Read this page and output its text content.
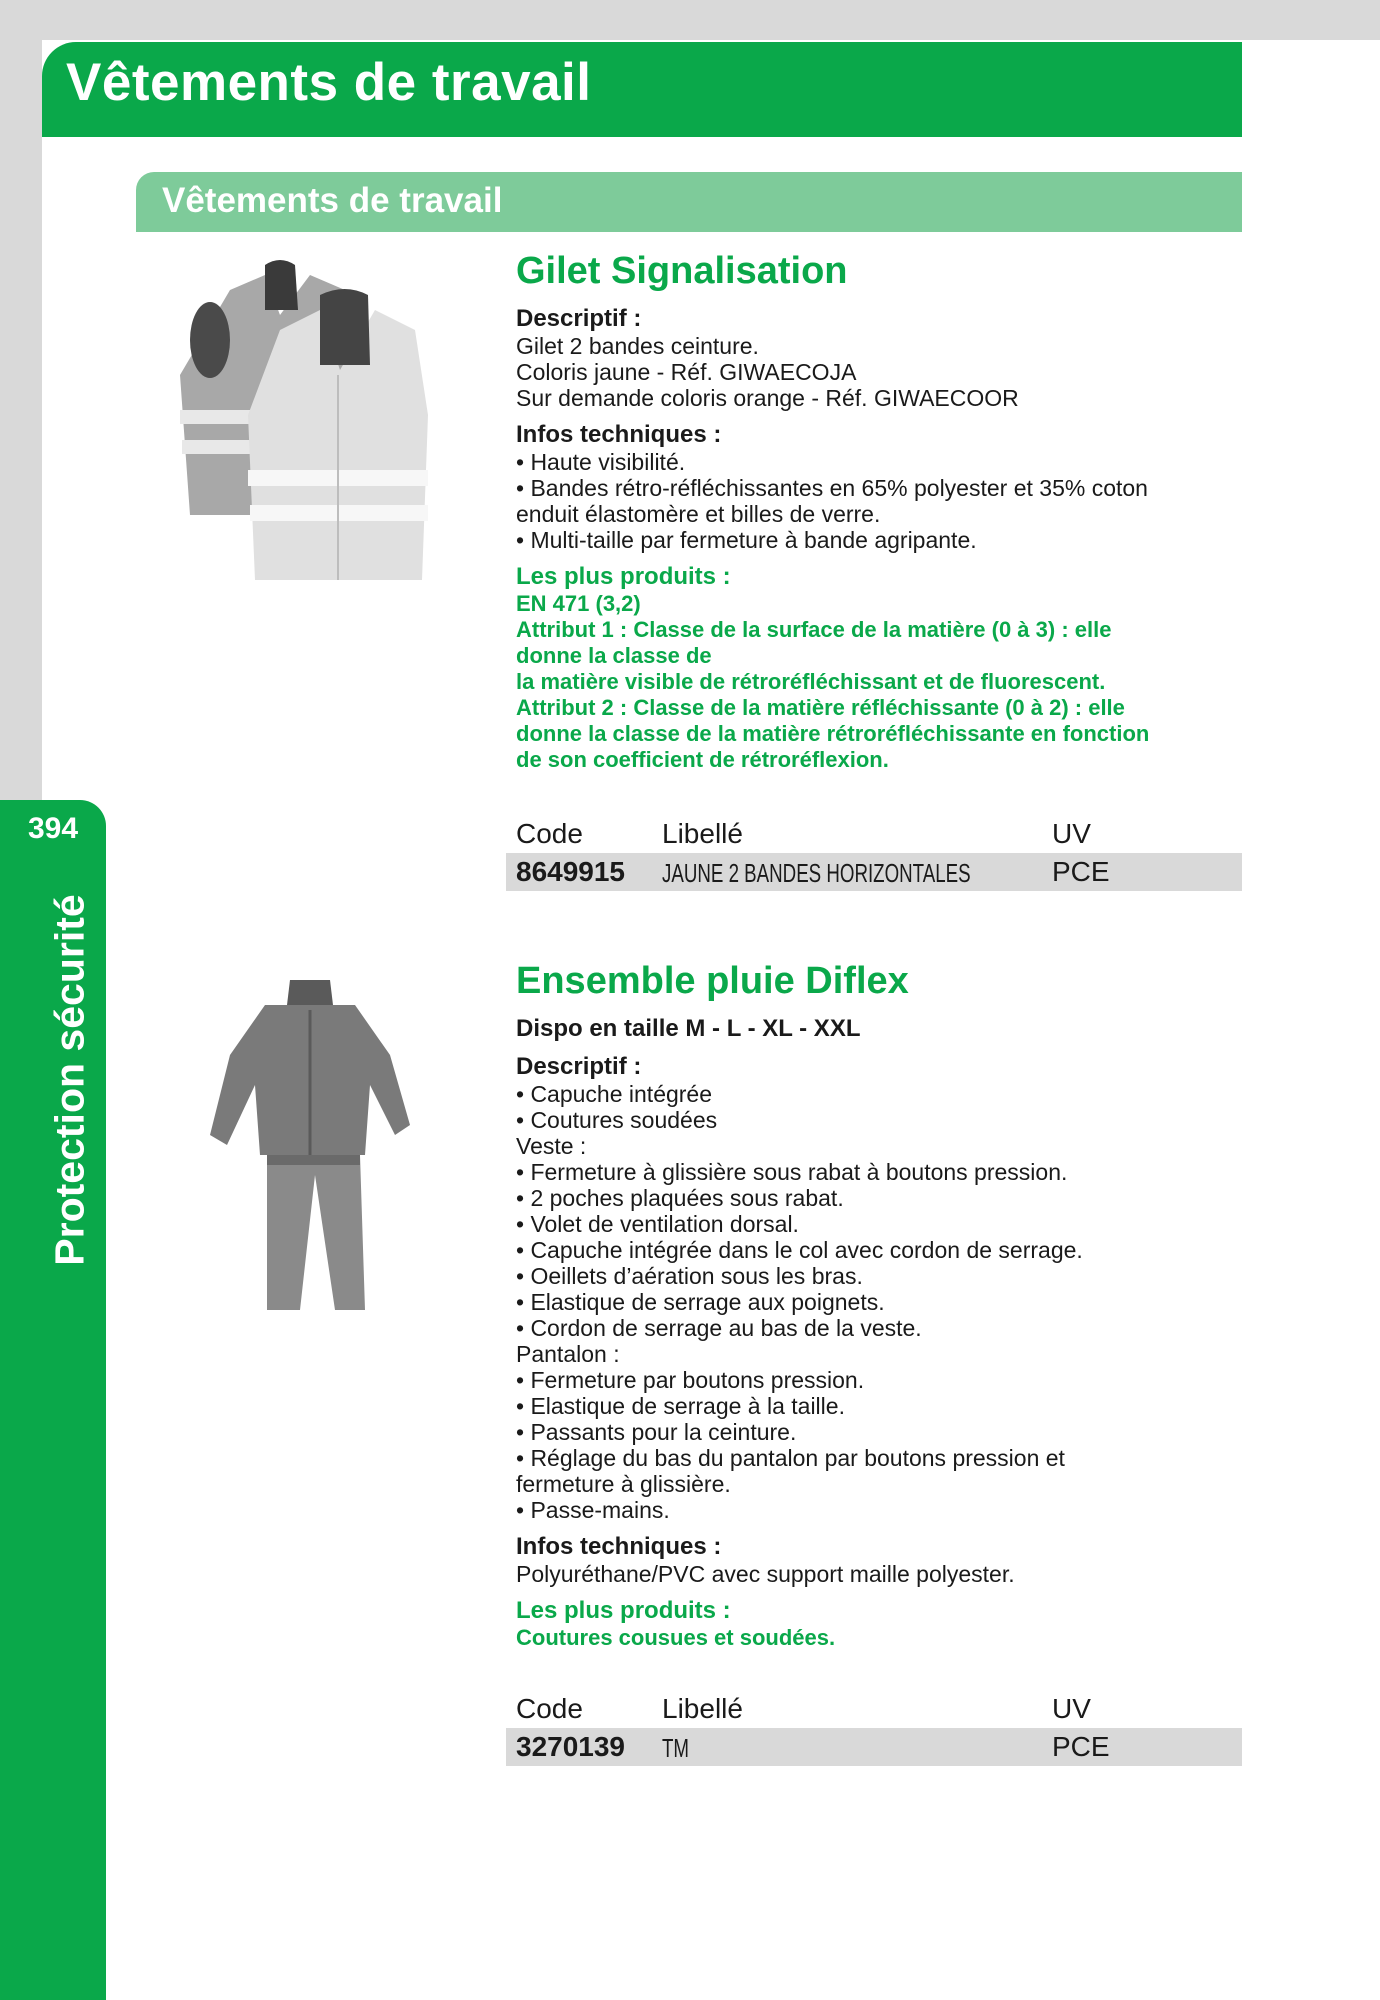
394
Protection sécurité
Vêtements de travail
Vêtements de travail

Gilet Signalisation

Descriptif :

Gilet 2 bandes ceinture.
Coloris jaune - Réf. GIWAECOJA
Sur demande coloris orange - Réf. GIWAECOOR

Infos techniques :

• Haute visibilité.
• Bandes rétro-réfléchissantes en 65% polyester et 35% coton
enduit élastomère et billes de verre.
• Multi-taille par fermeture à bande agripante.

Les plus produits :

EN 471 (3,2)
Attribut 1 : Classe de la surface de la matière (0 à 3) : elle
donne la classe de
la matière visible de rétroréfléchissant et de fluorescent.
Attribut 2 : Classe de la matière réfléchissante (0 à 2) : elle
donne la classe de la matière rétroréfléchissante en fonction
de son coefficient de rétroréflexion.

Code	Libellé	UV
8649915 JAUNE 2 BANDES HORIZONTALES	PCE

Ensemble pluie Diflex

Dispo en taille M - L - XL - XXL

Descriptif :

• Capuche intégrée
• Coutures soudées
Veste :
• Fermeture à glissière sous rabat à boutons pression.
• 2 poches plaquées sous rabat.
• Volet de ventilation dorsal.
• Capuche intégrée dans le col avec cordon de serrage.
• Oeillets d’aération sous les bras.
• Elastique de serrage aux poignets.
• Cordon de serrage au bas de la veste.
Pantalon :
• Fermeture par boutons pression.
• Elastique de serrage à la taille.
• Passants pour la ceinture.
• Réglage du bas du pantalon par boutons pression et
fermeture à glissière.
• Passe-mains.

Infos techniques :

Polyuréthane/PVC avec support maille polyester.

Les plus produits :

Coutures cousues et soudées.

Code	Libellé	UV
3270139 TM	PCE
